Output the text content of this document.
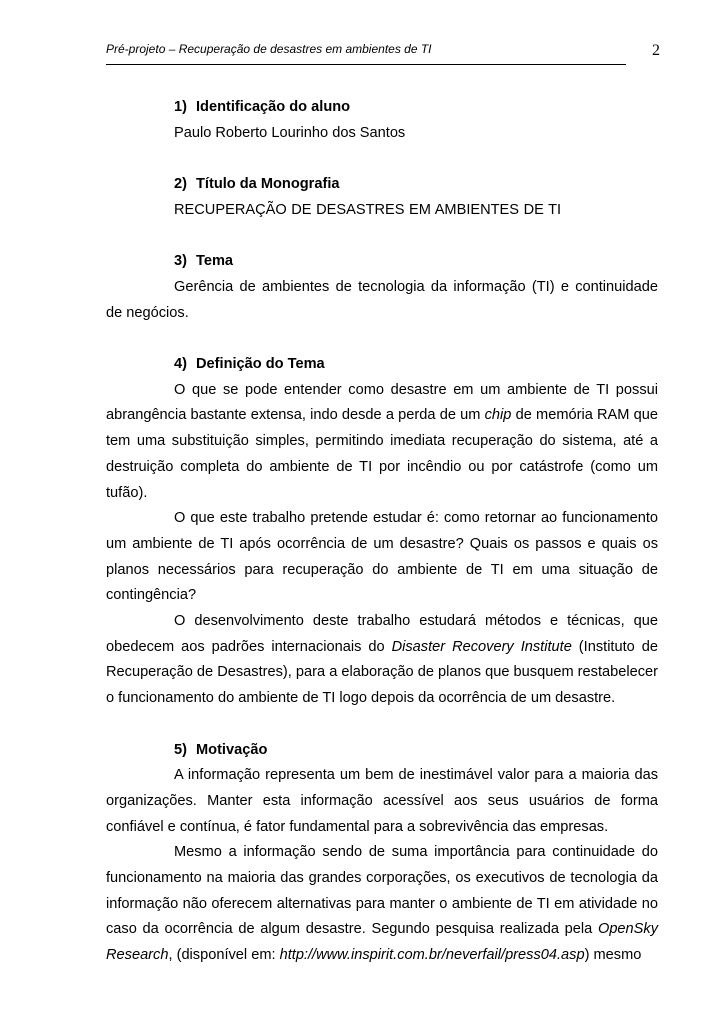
Pré-projeto – Recuperação de desastres em ambientes de TI	2

1) Identificação do aluno

Paulo Roberto Lourinho dos Santos

2) Título da Monografia

RECUPERAÇÃO DE DESASTRES EM AMBIENTES DE TI

3) Tema

Gerência de ambientes de tecnologia da informação (TI) e continuidade de negócios.

4) Definição do Tema

O que se pode entender como desastre em um ambiente de TI possui abrangência bastante extensa, indo desde a perda de um chip de memória RAM que tem uma substituição simples, permitindo imediata recuperação do sistema, até a destruição completa do ambiente de TI por incêndio ou por catástrofe (como um tufão).

O que este trabalho pretende estudar é: como retornar ao funcionamento um ambiente de TI após ocorrência de um desastre? Quais os passos e quais os planos necessários para recuperação do ambiente de TI em uma situação de contingência?

O desenvolvimento deste trabalho estudará métodos e técnicas, que obedecem aos padrões internacionais do Disaster Recovery Institute (Instituto de Recuperação de Desastres), para a elaboração de planos que busquem restabelecer o funcionamento do ambiente de TI logo depois da ocorrência de um desastre.

5) Motivação

A informação representa um bem de inestimável valor para a maioria das organizações. Manter esta informação acessível aos seus usuários de forma confiável e contínua, é fator fundamental para a sobrevivência das empresas.

Mesmo a informação sendo de suma importância para continuidade do funcionamento na maioria das grandes corporações, os executivos de tecnologia da informação não oferecem alternativas para manter o ambiente de TI em atividade no caso da ocorrência de algum desastre. Segundo pesquisa realizada pela OpenSky Research, (disponível em: http://www.inspirit.com.br/neverfail/press04.asp) mesmo
